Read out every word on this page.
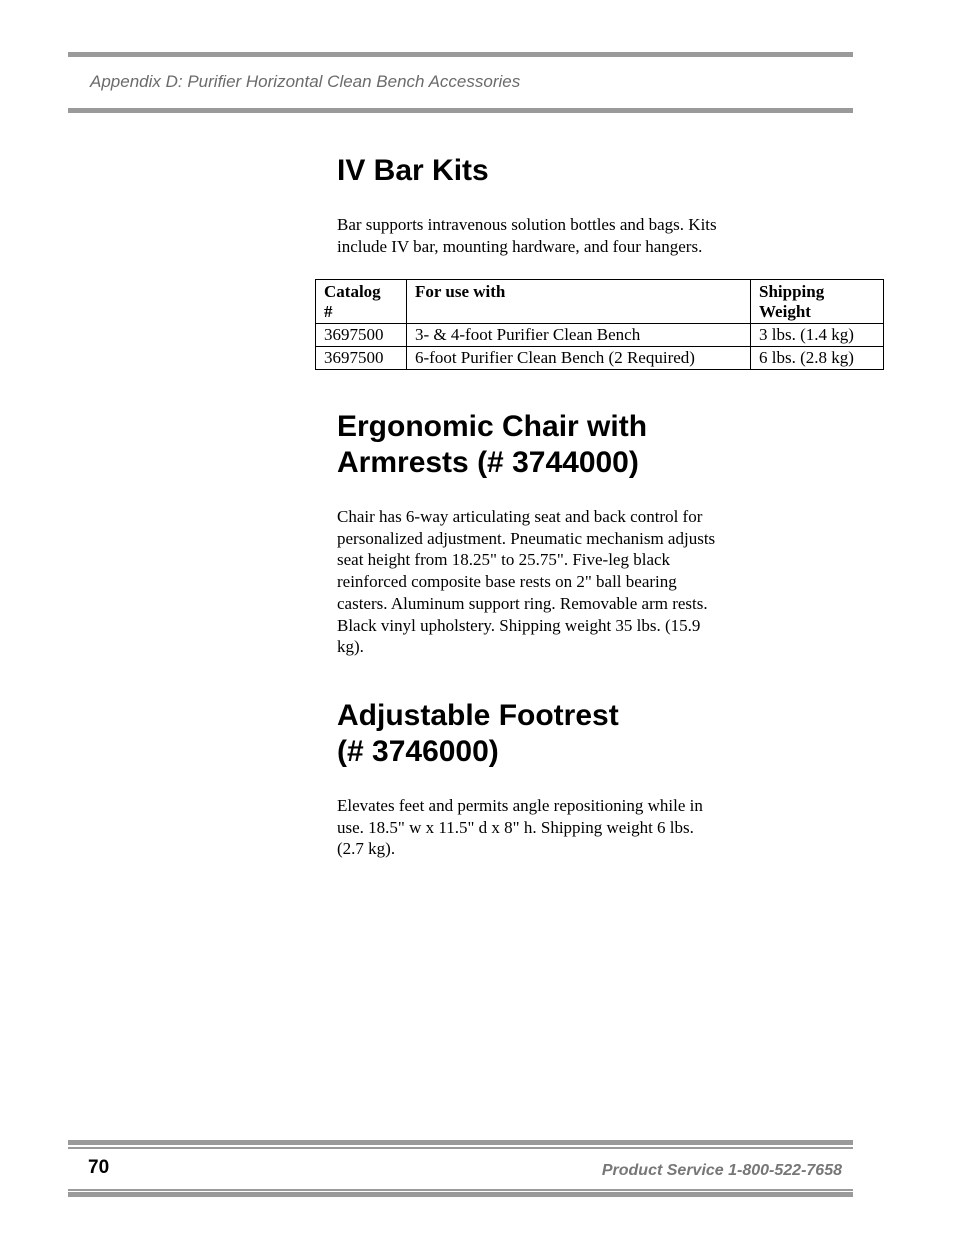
Appendix D: Purifier Horizontal Clean Bench Accessories
IV Bar Kits

Bar supports intravenous solution bottles and bags. Kits
include IV bar, mounting hardware, and four hangers.

Catalog
#	For use with	Shipping
Weight

3697500	3- & 4-foot Purifier Clean Bench	3 lbs. (1.4 kg)
3697500	6-foot Purifier Clean Bench (2 Required)	6 lbs. (2.8 kg)
Ergonomic Chair with
Armrests (# 3744000)

Chair has 6-way articulating seat and back control for
personalized adjustment. Pneumatic mechanism adjusts
seat height from 18.25" to 25.75". Five-leg black
reinforced composite base rests on 2" ball bearing
casters. Aluminum support ring. Removable arm rests.
Black vinyl upholstery. Shipping weight 35 lbs. (15.9
kg).

Adjustable Footrest
(# 3746000)

Elevates feet and permits angle repositioning while in
use. 18.5" w x 11.5" d x 8" h. Shipping weight 6 lbs.
(2.7 kg).

70	Product Service 1-800-522-7658
